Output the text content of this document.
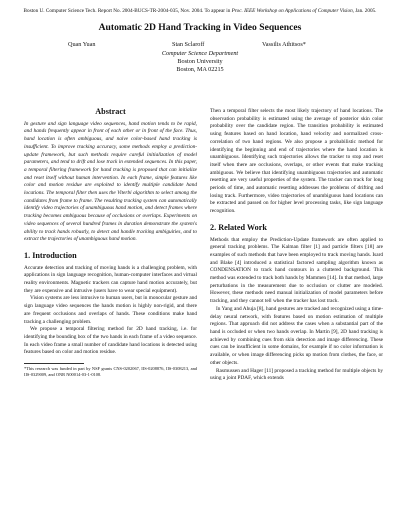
Boston U. Computer Science Tech. Report No. 2004-BUCS-TR-2004-035, Nov. 2004. To appear in Proc. IEEE Workshop on Applications of Computer Vision, Jan. 2005.
Automatic 2D Hand Tracking in Video Sequences
Quan Yuan	Stan Sclaroff	Vassilis Athitsos*
Computer Science Department
Boston University
Boston, MA 02215
Abstract

In gesture and sign language video sequences, hand motion tends to be rapid, and hands frequently appear in front of each other or in front of the face. Thus, hand location is often ambiguous, and naive color-based hand tracking is insufficient. To improve tracking accuracy, some methods employ a prediction-update framework, but such methods require careful initialization of model parameters, and tend to drift and lose track in extended sequences. In this paper, a temporal filtering framework for hand tracking is proposed that can initialize and reset itself without human intervention. In each frame, simple features like color and motion residue are exploited to identify multiple candidate hand locations. The temporal filter then uses the Viterbi algorithm to select among the candidates from frame to frame. The resulting tracking system can automatically identify video trajectories of unambiguous hand motion, and detect frames where tracking becomes ambiguous because of occlusions or overlaps. Experiments on video sequences of several hundred frames in duration demonstrate the system's ability to track hands robustly, to detect and handle tracking ambiguities, and to extract the trajectories of unambiguous hand motion.

1. Introduction

Accurate detection and tracking of moving hands is a challenging problem, with applications in sign language recognition, human-computer interfaces and virtual reality environments. Magnetic trackers can capture hand motion accurately, but they are expensive and intrusive (users have to wear special equipment).

Vision systems are less intrusive to human users, but in monocular gesture and sign language video sequences the hands motion is highly non-rigid, and there are frequent occlusions and overlaps of hands. These conditions make hand tracking a challenging problem.

We propose a temporal filtering method for 2D hand tracking, i.e. for identifying the bounding box of the two hands in each frame of a video sequence. In each video frame a small number of candidate hand locations is detected using features based on color and motion residue.

*This research was funded in part by NSF grants CNS-0202067, IIS-0208876, IIS-0308213, and IIS-0329009, and ONR N00014-03-1-0108.

Then a temporal filter selects the most likely trajectory of hand locations. The observation probability is estimated using the average of posterior skin color probability over the candidate region. The transition probability is estimated using features based on hand location, hand velocity and normalized cross-correlation of two hand regions. We also propose a probabilistic method for identifying the beginning and end of trajectories where the hand location is unambiguous. Identifying such trajectories allows the tracker to stop and reset itself when there are occlusions, overlaps, or other events that make tracking ambiguous. We believe that identifying unambiguous trajectories and automatic resetting are very useful properties of the system. The tracker can track for long periods of time, and automatic resetting addresses the problems of drifting and losing track. Furthermore, video trajectories of unambiguous hand locations can be extracted and passed on for higher level processing tasks, like sign language recognition.

2. Related Work

Methods that employ the Prediction-Update framework are often applied to general tracking problems. The Kalman filter [1] and particle filters [18] are examples of such methods that have been employed to track moving hands. Isard and Blake [4] introduced a statistical factored sampling algorithm known as CONDENSATION to track hand contours in a cluttered background. This method was extended to track both hands by Mammen [14]. In that method, large perturbations in the measurement due to occlusion or clutter are modeled. However, these methods need manual initialization of model parameters before tracking, and they cannot tell when the tracker has lost track.

In Yang and Ahuja [8], hand gestures are tracked and recognized using a time-delay neural network, with features based on motion estimation of multiple regions. That approach did not address the cases when a substantial part of the hand is occluded or when two hands overlap. In Martin [9], 2D hand tracking is achieved by combining cues from skin detection and image differencing. These cues can be insufficient in some domains, for example if no color information is available, or when image differencing picks up motion from clothes, the face, or other objects.

Rasmussen and Hager [11] proposed a tracking method for multiple objects by using a joint PDAF, which extends
